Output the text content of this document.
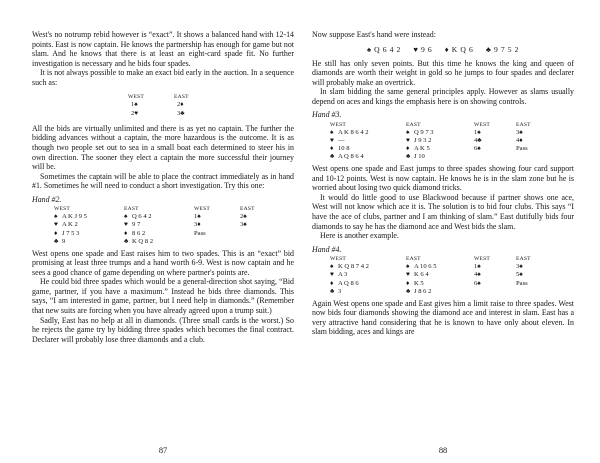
West's no notrump rebid however is “exact”. It shows a balanced hand with 12-14 points. East is now captain. He knows the partnership has enough for game but not slam. And he knows that there is at least an eight-card spade fit. No further investigation is necessary and he bids four spades.

It is not always possible to make an exact bid early in the auction. In a sequence such as:

WEST	EAST
1♠	2♦
2♥	3♣

All the bids are virtually unlimited and there is as yet no captain. The further the bidding advances without a captain, the more hazardous is the outcome. It is as though two people set out to sea in a small boat each determined to steer his in own direction. The sooner they elect a captain the more successful their journey will be.

Sometimes the captain will be able to place the contract immediately as in hand #1. Sometimes he will need to conduct a short investigation. Try this one:

Hand #2.
WEST	EAST	WEST	EAST
♠ A K J 9 5	♠ Q 6 4 2	1♠	2♠
♥ A K 2	♥ 9 7	3♦	3♠
♦ J 7 5 3	♦ 8 6 2	Pass	
♣ 9	♣ K Q 8 2		

West opens one spade and East raises him to two spades. This is an “exact” bid promising at least three trumps and a hand worth 6-9. West is now captain and he sees a good chance of game depending on where partner's points are.

He could bid three spades which would be a general-direction shot saying, “Bid game, partner, if you have a maximum.” Instead he bids three diamonds. This says, “I am interested in game, partner, but I need help in diamonds.” (Remember that new suits are forcing when you have already agreed upon a trump suit.)

Sadly, East has no help at all in diamonds. (Three small cards is the worst.) So he rejects the game try by bidding three spades which becomes the final contract. Declarer will probably lose three diamonds and a club.

87

Now suppose East's hand were instead:

♠ Q 6 4 2 ♥ 9 6 ♦ K Q 6 ♣ 9 7 5 2

He still has only seven points. But this time he knows the king and queen of diamonds are worth their weight in gold so he jumps to four spades and declarer will probably make an overtrick.

In slam bidding the same general principles apply. However as slams usually depend on aces and kings the emphasis here is on showing controls.

Hand #3.
WEST	EAST	WEST	EAST
♠ A K 8 6 4 2	♠ Q 9 7 3	1♠	3♠
♥ —	♥ J 9 3 2	4♣	4♦
♦ 10 8	♦ A K 5	6♠	Pass
♣ A Q 8 6 4	♣ J 10		

West opens one spade and East jumps to three spades showing four card support and 10-12 points. West is now captain. He knows he is in the slam zone but he is worried about losing two quick diamond tricks.

It would do little good to use Blackwood because if partner shows one ace, West will not know which ace it is. The solution is to bid four clubs. This says “I have the ace of clubs, partner and I am thinking of slam.” East dutifully bids four diamonds to say he has the diamond ace and West bids the slam.

Here is another example.

Hand #4.
WEST	EAST	WEST	EAST
♠ K Q 8 7 4 2	♠ A 10 6 5	1♠	3♠
♥ A 3	♥ K 6 4	4♠	5♠
♦ A Q 8 6	♦ K 5	6♠	Pass
♣ 3	♣ J 8 6 2		

Again West opens one spade and East gives him a limit raise to three spades. West now bids four diamonds showing the diamond ace and interest in slam. East has a very attractive hand considering that he is known to have only about eleven. In slam bidding, aces and kings are

88
